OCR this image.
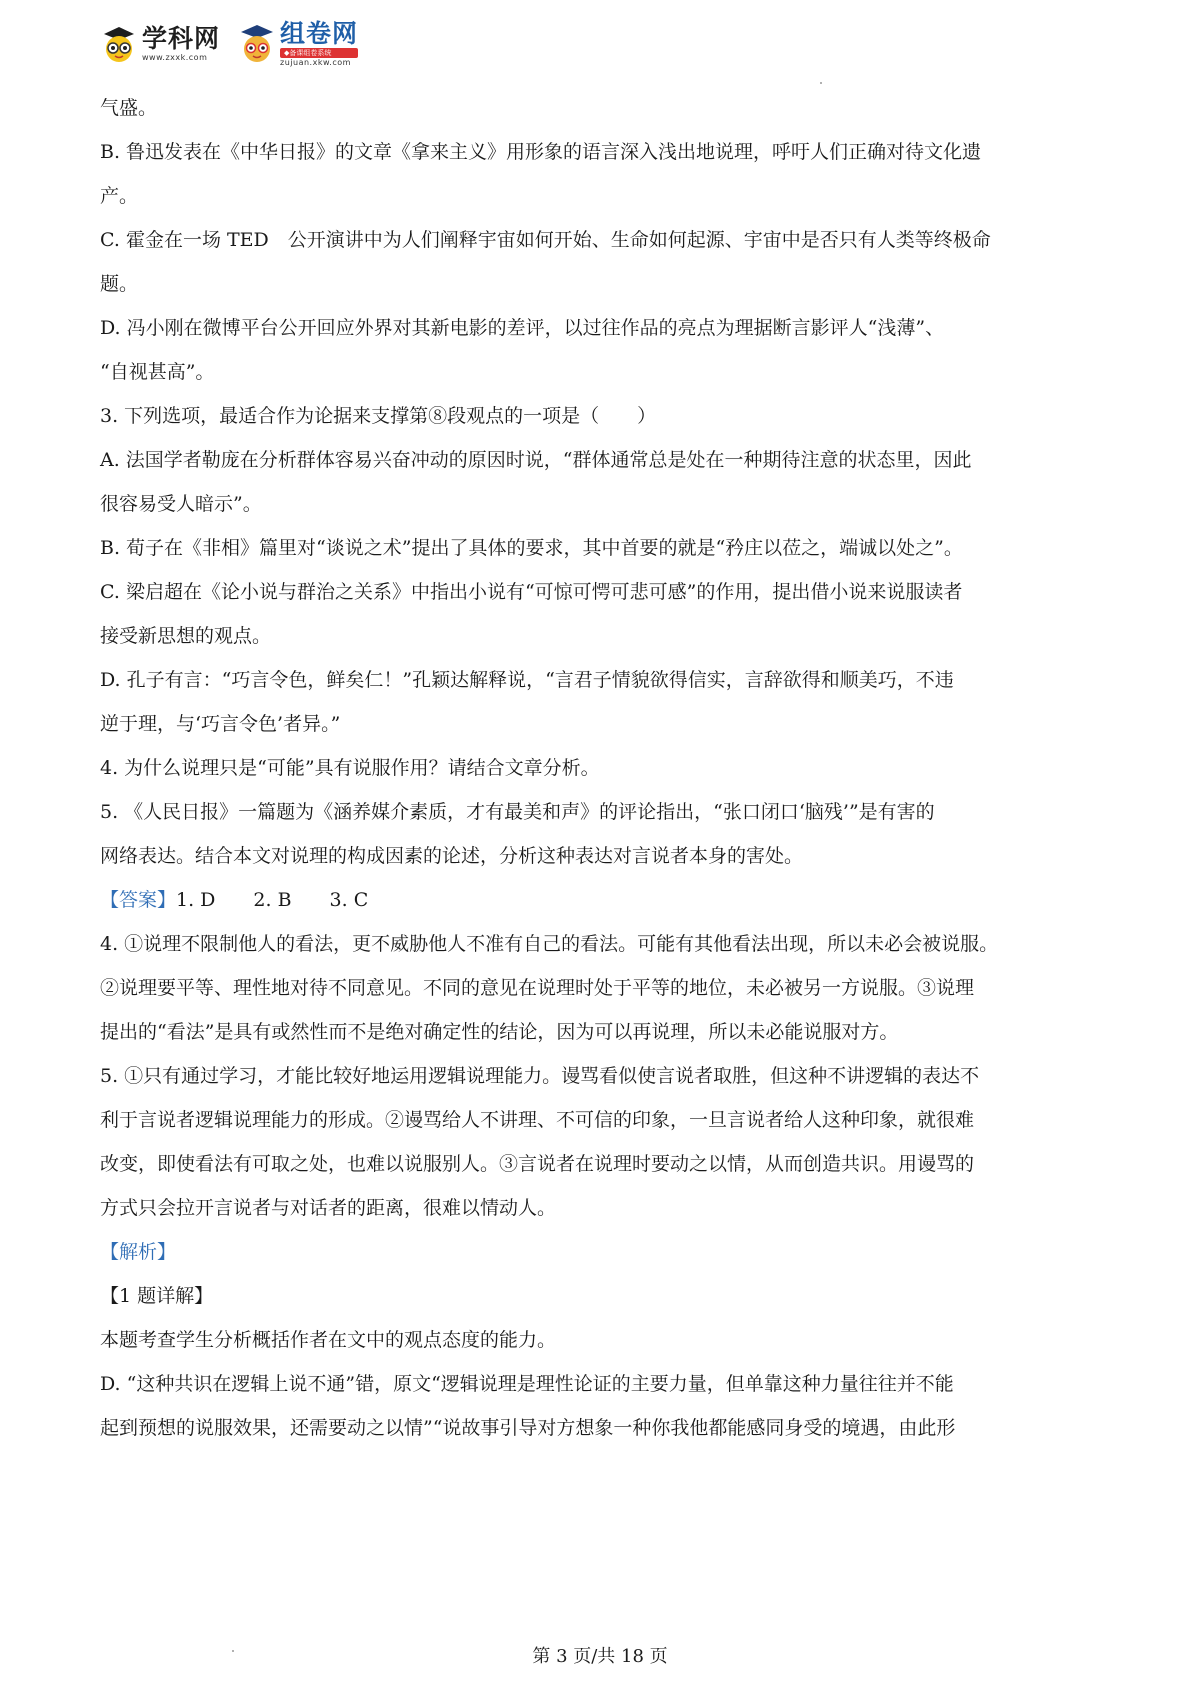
学科网
www.zxxk.com
组卷网
◆备课组卷系统
zujuan.xkw.com
气盛。
B. 鲁迅发表在《中华日报》的文章《拿来主义》用形象的语言深入浅出地说理，呼吁人们正确对待文化遗
产。
C. 霍金在一场 TED　公开演讲中为人们阐释宇宙如何开始、生命如何起源、宇宙中是否只有人类等终极命
题。
D. 冯小刚在微博平台公开回应外界对其新电影的差评，以过往作品的亮点为理据断言影评人“浅薄”、
“自视甚高”。
3. 下列选项，最适合作为论据来支撑第⑧段观点的一项是（　　）
A. 法国学者勒庞在分析群体容易兴奋冲动的原因时说，“群体通常总是处在一种期待注意的状态里，因此
很容易受人暗示”。
B. 荀子在《非相》篇里对“谈说之术”提出了具体的要求，其中首要的就是“矜庄以莅之，端诚以处之”。
C. 梁启超在《论小说与群治之关系》中指出小说有“可惊可愕可悲可感”的作用，提出借小说来说服读者
接受新思想的观点。
D. 孔子有言：“巧言令色，鲜矣仁！”孔颖达解释说，“言君子情貌欲得信实，言辞欲得和顺美巧，不违
逆于理，与‘巧言令色’者异。”
4. 为什么说理只是“可能”具有说服作用？请结合文章分析。
5. 《人民日报》一篇题为《涵养媒介素质，才有最美和声》的评论指出，“张口闭口‘脑残’”是有害的
网络表达。结合本文对说理的构成因素的论述，分析这种表达对言说者本身的害处。
【答案】1. D　　2. B　　3. C
4. ①说理不限制他人的看法，更不威胁他人不准有自己的看法。可能有其他看法出现，所以未必会被说服。
②说理要平等、理性地对待不同意见。不同的意见在说理时处于平等的地位，未必被另一方说服。③说理
提出的“看法”是具有或然性而不是绝对确定性的结论，因为可以再说理，所以未必能说服对方。
5. ①只有通过学习，才能比较好地运用逻辑说理能力。谩骂看似使言说者取胜，但这种不讲逻辑的表达不
利于言说者逻辑说理能力的形成。②谩骂给人不讲理、不可信的印象，一旦言说者给人这种印象，就很难
改变，即使看法有可取之处，也难以说服别人。③言说者在说理时要动之以情，从而创造共识。用谩骂的
方式只会拉开言说者与对话者的距离，很难以情动人。
【解析】
【1 题详解】
本题考查学生分析概括作者在文中的观点态度的能力。
D. “这种共识在逻辑上说不通”错，原文“逻辑说理是理性论证的主要力量，但单靠这种力量往往并不能
起到预想的说服效果，还需要动之以情”“说故事引导对方想象一种你我他都能感同身受的境遇，由此形
第 3 页/共 18 页
